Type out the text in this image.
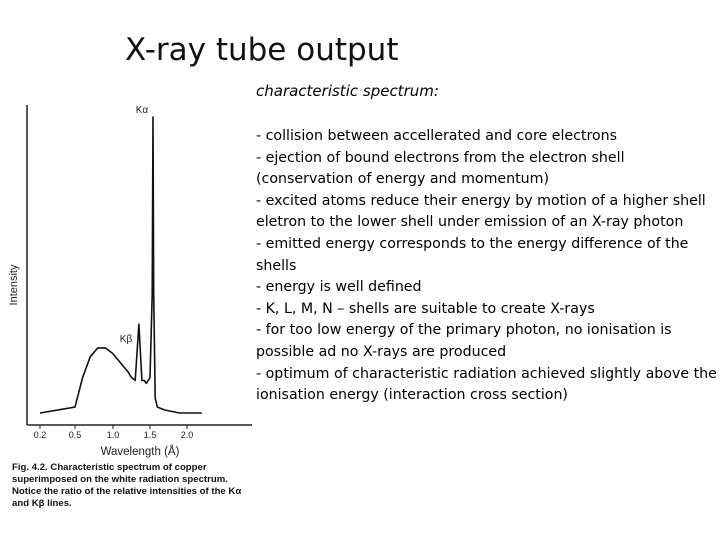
X-ray tube output
characteristic spectrum:
- collision between accellerated and core electrons
- ejection of bound electrons from the electron shell (conservation of energy and momentum)
- excited atoms reduce their energy by motion of a higher shell eletron to the lower shell under emission of an X-ray photon
- emitted energy corresponds to the energy difference of the shells
- energy is well defined
- K, L, M, N – shells are suitable to create X-rays
- for too low energy of the primary photon, no ionisation is possible ad no X-rays are produced
- optimum of characteristic radiation achieved slightly above the ionisation energy (interaction cross section)
Intensity
Wavelength (Å)
Kα
Kβ
0.2 0.5	1.0	1.5	2.0
Fig. 4.2. Characteristic spectrum of copper superimposed on the white radiation spectrum. Notice the ratio of the relative intensities of the Kα and Kβ lines.
